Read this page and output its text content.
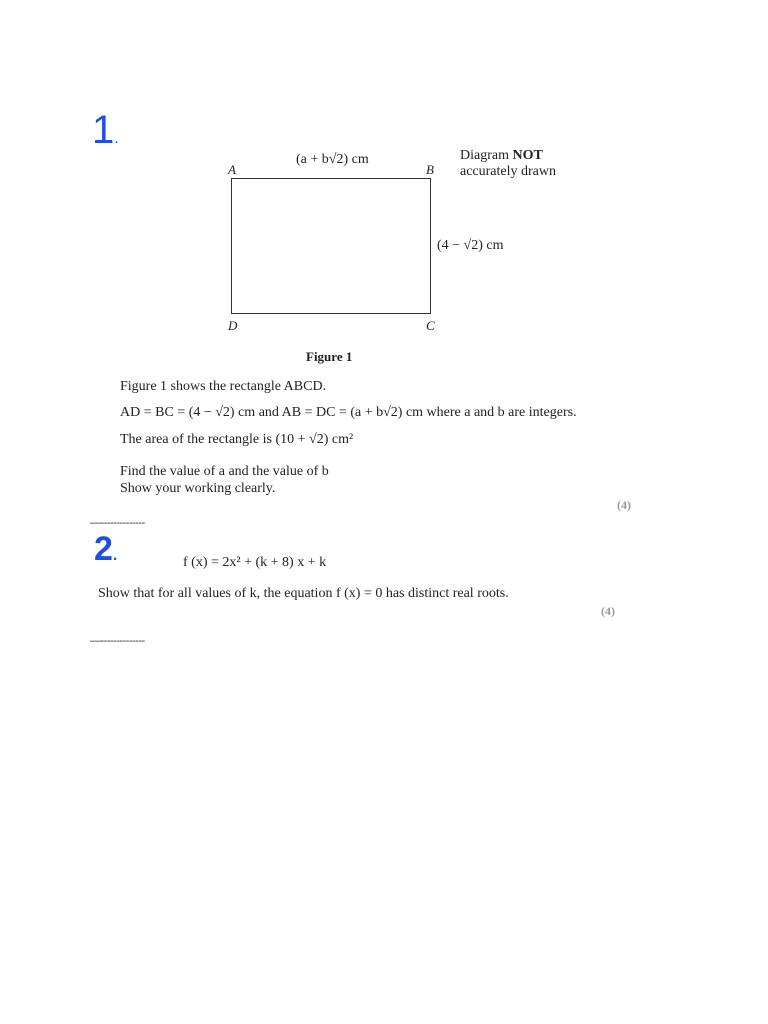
1.
A	B
D	C
(a + b√2) cm
(4 − √2) cm
Diagram NOT
accurately drawn
Figure 1
Figure 1 shows the rectangle ABCD.
AD = BC = (4 − √2) cm and AB = DC = (a + b√2) cm where a and b are integers.
The area of the rectangle is (10 + √2) cm²
Find the value of a and the value of b
Show your working clearly.
(4)
—--------------
2.	f (x) = 2x² + (k + 8) x + k
Show that for all values of k, the equation f (x) = 0 has distinct real roots.
(4)
—--------------
